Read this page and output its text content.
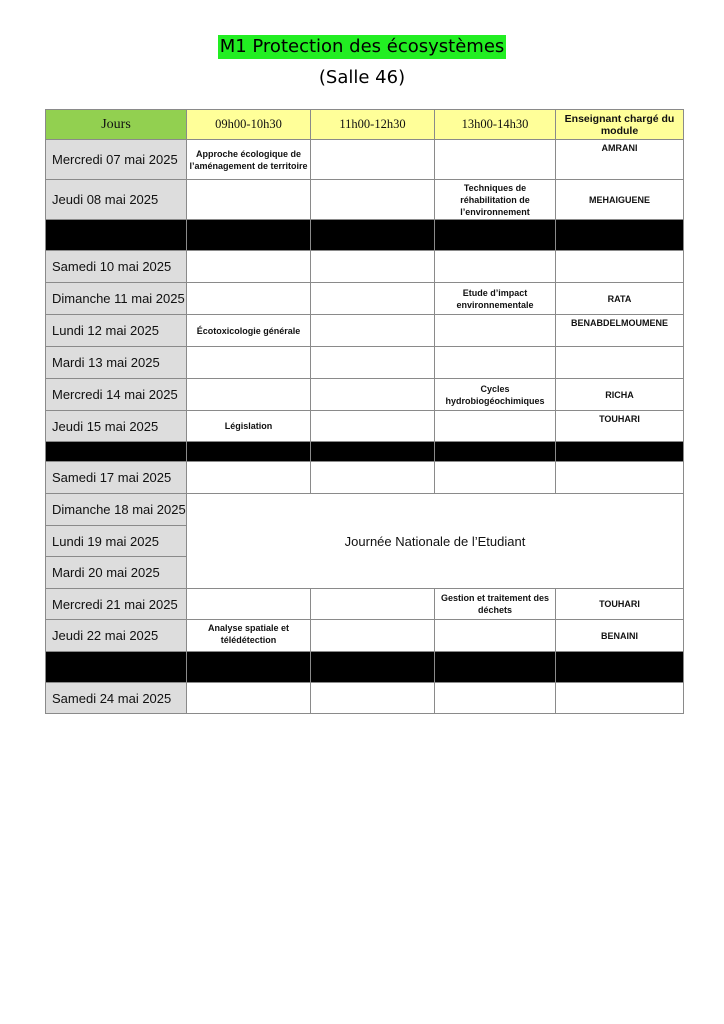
M1 Protection des écosystèmes
(Salle 46)
Jours	09h00-10h30	11h00-12h30	13h00-14h30	Enseignant chargé du module
Mercredi 07 mai 2025	Approche écologique de l’aménagement de territoire			AMRANI
Jeudi 08 mai 2025			Techniques de réhabilitation de l’environnement	MEHAIGUENE

Samedi 10 mai 2025				
Dimanche 11 mai 2025			Etude d’impact environnementale	RATA
Lundi 12 mai 2025	Écotoxicologie générale			BENABDELMOUMENE
Mardi 13 mai 2025				
Mercredi 14 mai 2025			Cycles hydrobiogéochimiques	RICHA
Jeudi 15 mai 2025	Législation			TOUHARI

Samedi 17 mai 2025				
Dimanche 18 mai 2025	Journée Nationale de l’Etudiant			
Lundi 19 mai 2025				
Mardi 20 mai 2025				
Mercredi 21 mai 2025			Gestion et traitement des déchets	TOUHARI
Jeudi 22 mai 2025	Analyse spatiale et télédétection			BENAINI

Samedi 24 mai 2025				
